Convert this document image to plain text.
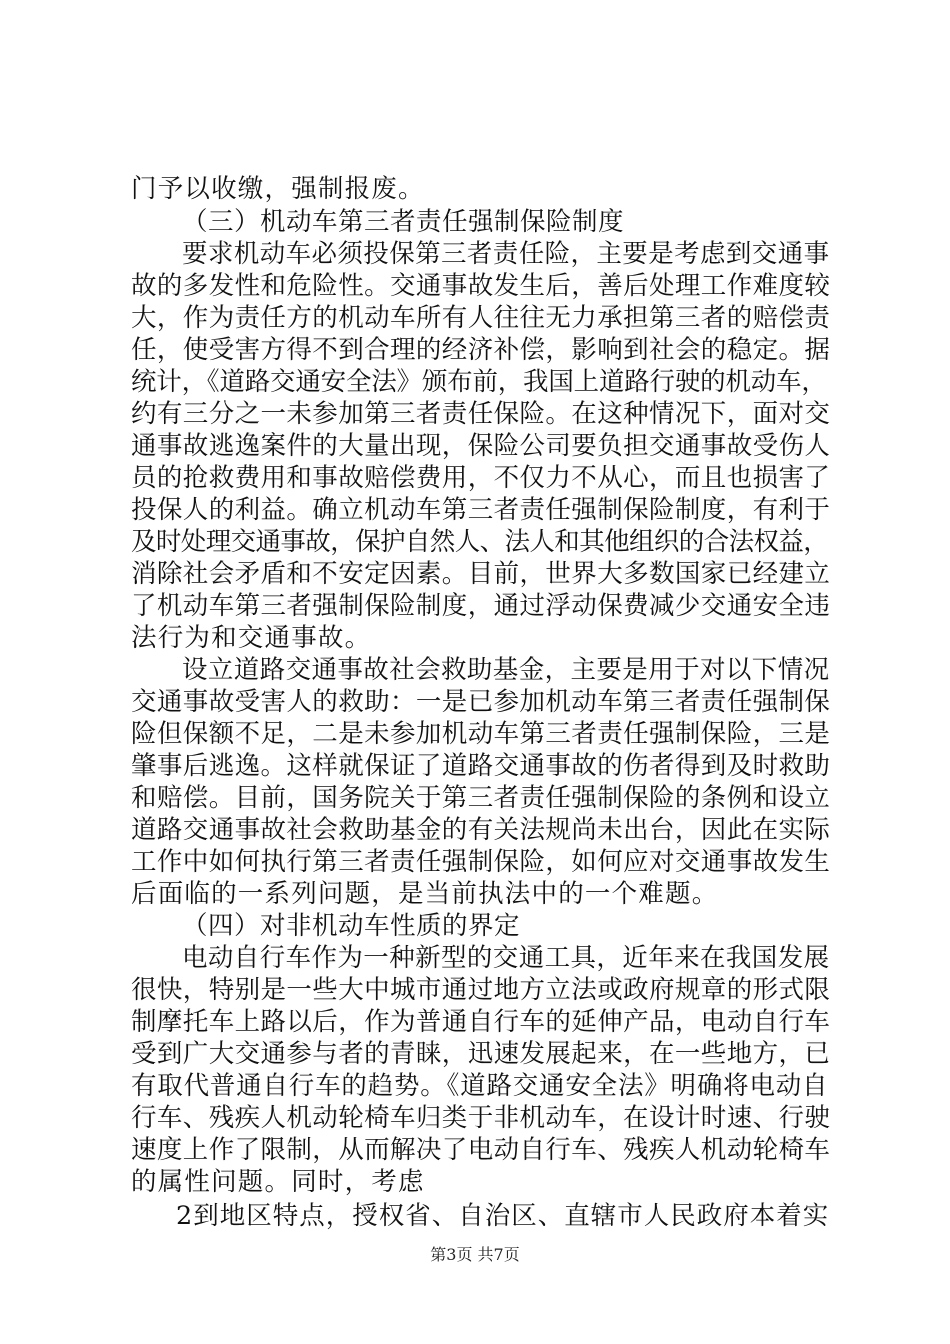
门予以收缴，强制报废。
（三）机动车第三者责任强制保险制度
要求机动车必须投保第三者责任险，主要是考虑到交通事
故的多发性和危险性。交通事故发生后，善后处理工作难度较
大，作为责任方的机动车所有人往往无力承担第三者的赔偿责
任，使受害方得不到合理的经济补偿，影响到社会的稳定。据
统计，《道路交通安全法》颁布前，我国上道路行驶的机动车，
约有三分之一未参加第三者责任保险。在这种情况下，面对交
通事故逃逸案件的大量出现，保险公司要负担交通事故受伤人
员的抢救费用和事故赔偿费用，不仅力不从心，而且也损害了
投保人的利益。确立机动车第三者责任强制保险制度，有利于
及时处理交通事故，保护自然人、法人和其他组织的合法权益，
消除社会矛盾和不安定因素。目前，世界大多数国家已经建立
了机动车第三者强制保险制度，通过浮动保费减少交通安全违
法行为和交通事故。
设立道路交通事故社会救助基金，主要是用于对以下情况
交通事故受害人的救助：一是已参加机动车第三者责任强制保
险但保额不足，二是未参加机动车第三者责任强制保险，三是
肇事后逃逸。这样就保证了道路交通事故的伤者得到及时救助
和赔偿。目前，国务院关于第三者责任强制保险的条例和设立
道路交通事故社会救助基金的有关法规尚未出台，因此在实际
工作中如何执行第三者责任强制保险，如何应对交通事故发生
后面临的一系列问题，是当前执法中的一个难题。
（四）对非机动车性质的界定
电动自行车作为一种新型的交通工具，近年来在我国发展
很快，特别是一些大中城市通过地方立法或政府规章的形式限
制摩托车上路以后，作为普通自行车的延伸产品，电动自行车
受到广大交通参与者的青睐，迅速发展起来，在一些地方，已
有取代普通自行车的趋势。《道路交通安全法》明确将电动自
行车、残疾人机动轮椅车归类于非机动车，在设计时速、行驶
速度上作了限制，从而解决了电动自行车、残疾人机动轮椅车
的属性问题。同时，考虑
2到地区特点，授权省、自治区、直辖市人民政府本着实
第3页 共7页
